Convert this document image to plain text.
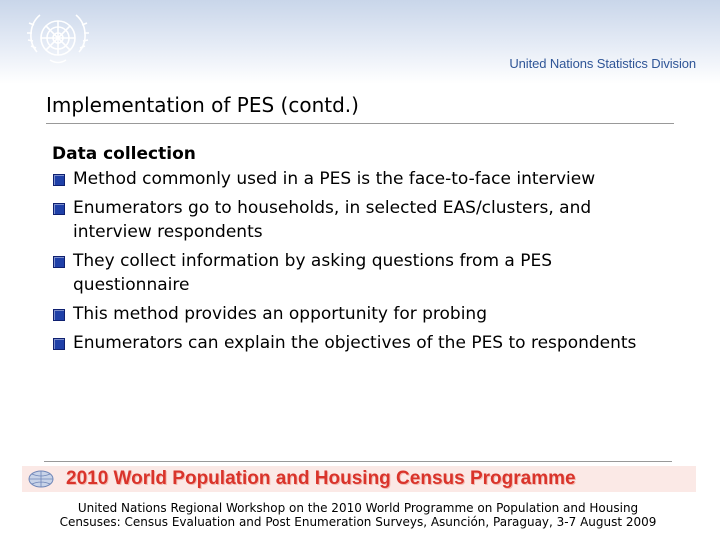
United Nations Statistics Division
Implementation of PES (contd.)
Data collection
Method commonly used in a PES is the face-to-face interview
Enumerators go to households, in selected EAS/clusters, and interview respondents
They collect information by asking questions from a PES questionnaire
This method provides an opportunity for probing
Enumerators can explain the objectives of the PES to respondents
2010 World Population and Housing Census Programme
United Nations Regional Workshop on the 2010 World Programme on Population and Housing
Censuses: Census Evaluation and Post Enumeration Surveys, Asunción, Paraguay, 3-7 August 2009
